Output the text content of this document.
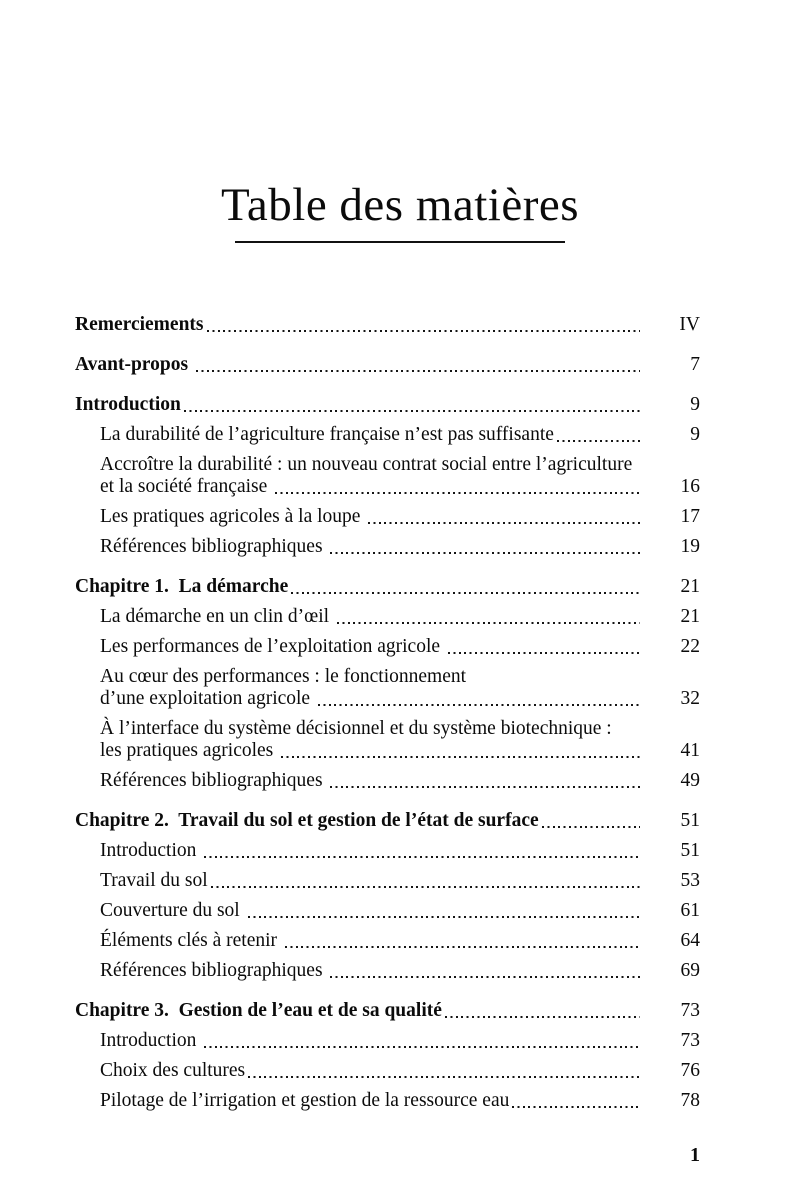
Table des matières
Remerciements	IV
Avant-propos	7
Introduction	9
La durabilité de l’agriculture française n’est pas suffisante	9
Accroître la durabilité : un nouveau contrat social entre l’agriculture
et la société française	16
Les pratiques agricoles à la loupe	17
Références bibliographiques	19
Chapitre 1.  La démarche	21
La démarche en un clin d’œil	21
Les performances de l’exploitation agricole	22
Au cœur des performances : le fonctionnement
d’une exploitation agricole	32
À l’interface du système décisionnel et du système biotechnique :
les pratiques agricoles	41
Références bibliographiques	49
Chapitre 2.  Travail du sol et gestion de l’état de surface	51
Introduction	51
Travail du sol	53
Couverture du sol	61
Éléments clés à retenir	64
Références bibliographiques	69
Chapitre 3.  Gestion de l’eau et de sa qualité	73
Introduction	73
Choix des cultures	76
Pilotage de l’irrigation et gestion de la ressource eau	78
1
